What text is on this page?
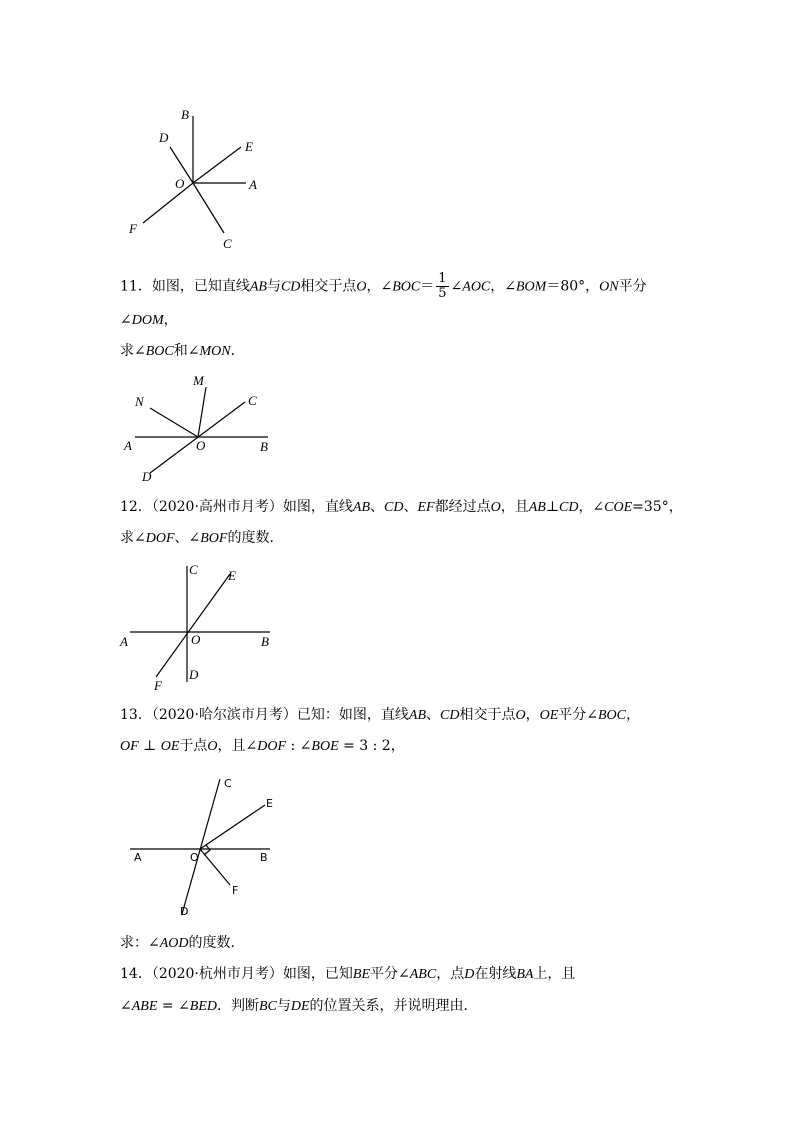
B
D
E
O	A
F
C
11．如图，已知直线AB与CD相交于点O，∠BOC＝ $\frac{1}{5}$ ∠AOC，∠BOM＝80°，ON平分
∠DOM，
求∠BOC和∠MON．
N
M
C
A	O	B
D
12．（2020·高州市月考）如图，直线AB、CD、EF都经过点O，且AB⊥CD，∠COE=35°，
求∠DOF、∠BOF的度数．
C E
A	O	B
F
D
13．（2020·哈尔滨市月考）已知：如图，直线AB、CD相交于点O，OE平分∠BOC，
OF ⊥ OE于点O，且∠DOF : ∠BOE = 3 : 2，
C
E
A	O	B
F
D
求：∠AOD的度数．
14．（2020·杭州市月考）如图，已知BE平分∠ABC，点D在射线BA上，且
∠ABE = ∠BED．判断BC与DE的位置关系，并说明理由．
